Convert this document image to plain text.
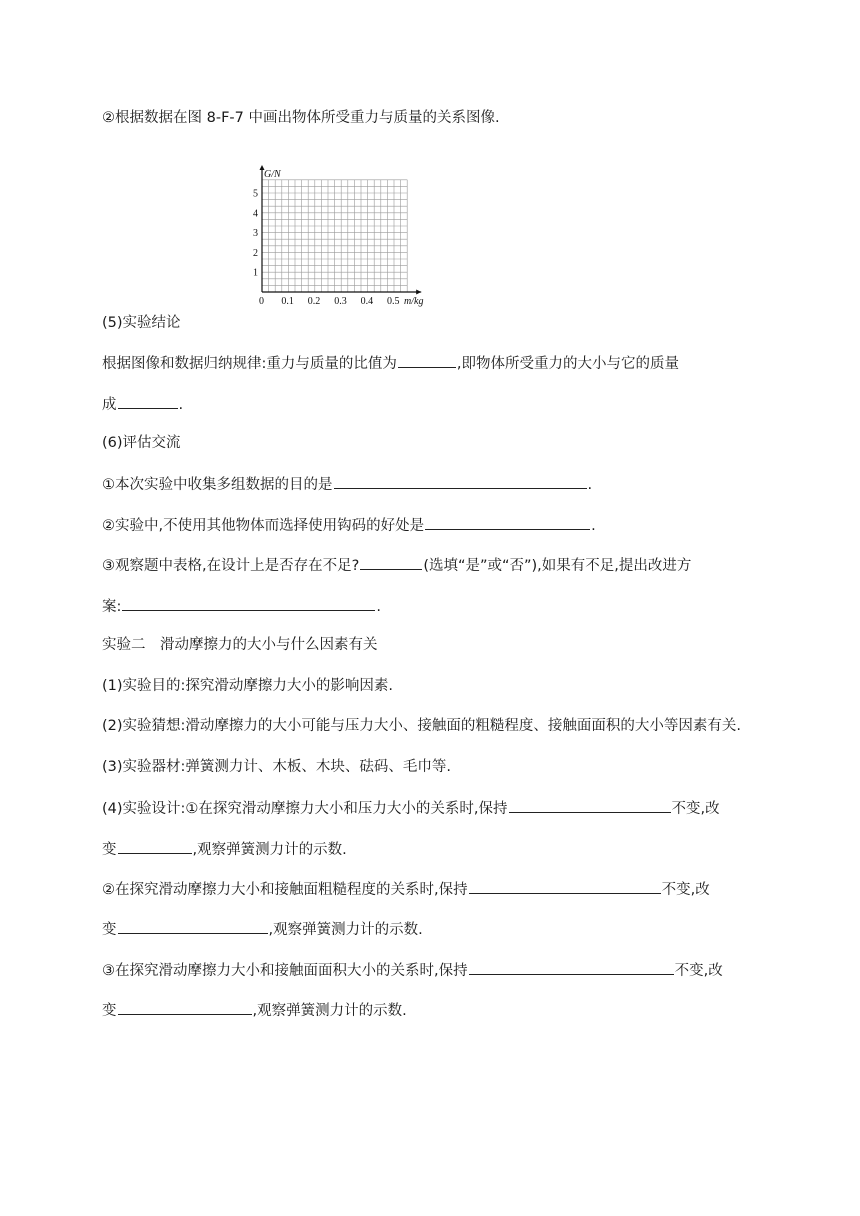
②根据数据在图 8-F-7 中画出物体所受重力与质量的关系图像.
G/N
m/kg
5
4
3
2
1
0 0.1 0.2 0.3 0.4 0.5
(5)实验结论
根据图像和数据归纳规律:重力与质量的比值为	,即物体所受重力的大小与它的质量
成	.
(6)评估交流
①本次实验中收集多组数据的目的是	.
②实验中,不使用其他物体而选择使用钩码的好处是	.
③观察题中表格,在设计上是否存在不足?	(选填“是”或“否”),如果有不足,提出改进方
案:	.
实验二　滑动摩擦力的大小与什么因素有关
(1)实验目的:探究滑动摩擦力大小的影响因素.
(2)实验猜想:滑动摩擦力的大小可能与压力大小、接触面的粗糙程度、接触面面积的大小等因素有关.
(3)实验器材:弹簧测力计、木板、木块、砝码、毛巾等.
(4)实验设计:①在探究滑动摩擦力大小和压力大小的关系时,保持	不变,改
变	,观察弹簧测力计的示数.
②在探究滑动摩擦力大小和接触面粗糙程度的关系时,保持	不变,改
变	,观察弹簧测力计的示数.
③在探究滑动摩擦力大小和接触面面积大小的关系时,保持	不变,改
变	,观察弹簧测力计的示数.
